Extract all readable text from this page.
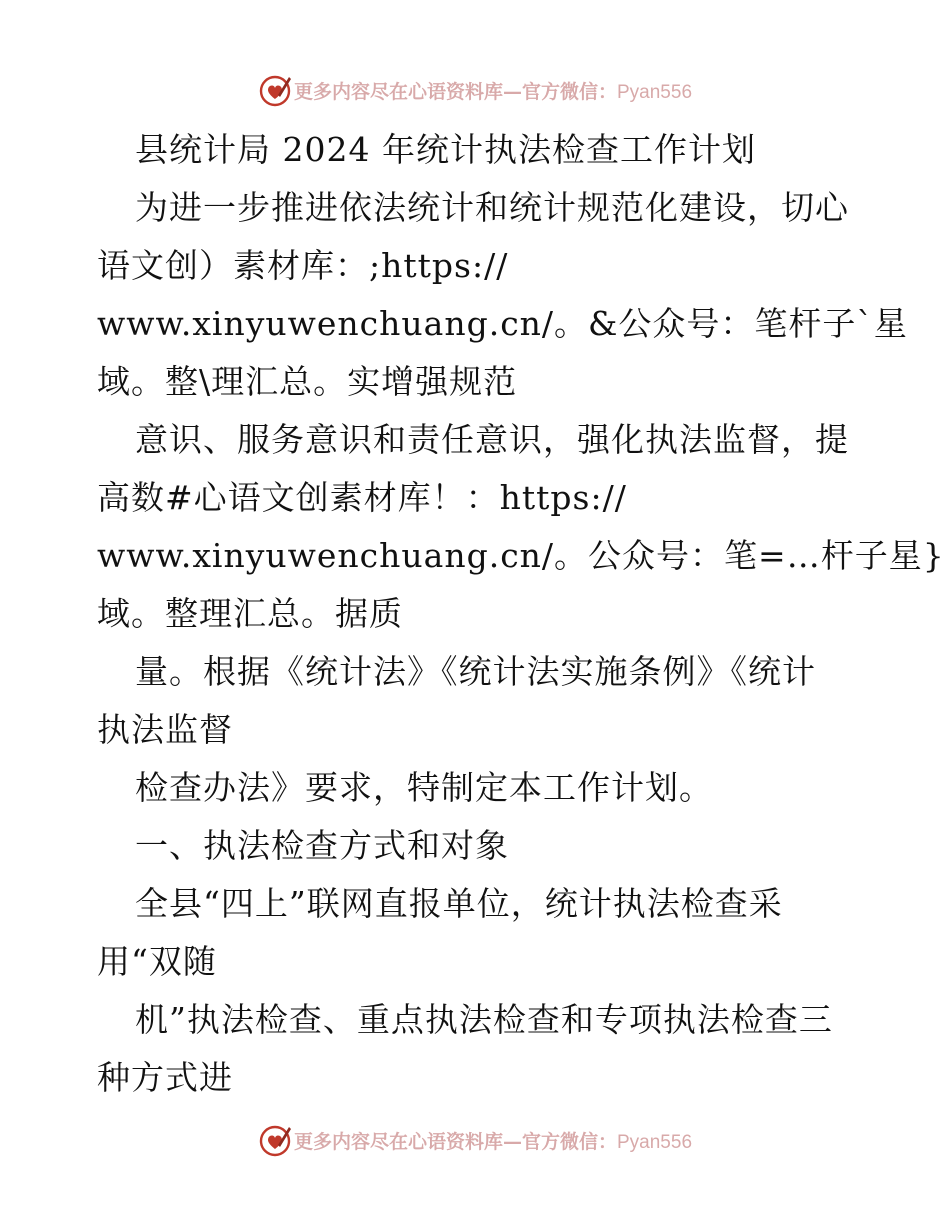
更多内容尽在心语资料库—官方微信：Pyan556
县统计局 2024 年统计执法检查工作计划
为进一步推进依法统计和统计规范化建设，切心
语文创）素材库：;https://
www.xinyuwenchuang.cn/。&公众号：笔杆子`星
域。整\理汇总。实增强规范
意识、服务意识和责任意识，强化执法监督，提
高数#心语文创素材库！：https://
www.xinyuwenchuang.cn/。公众号：笔=…杆子星}
域。整理汇总。据质
量。根据《统计法》《统计法实施条例》《统计
执法监督
检查办法》要求，特制定本工作计划。
一、执法检查方式和对象
全县“四上”联网直报单位，统计执法检查采
用“双随
机”执法检查、重点执法检查和专项执法检查三
种方式进
更多内容尽在心语资料库—官方微信：Pyan556
